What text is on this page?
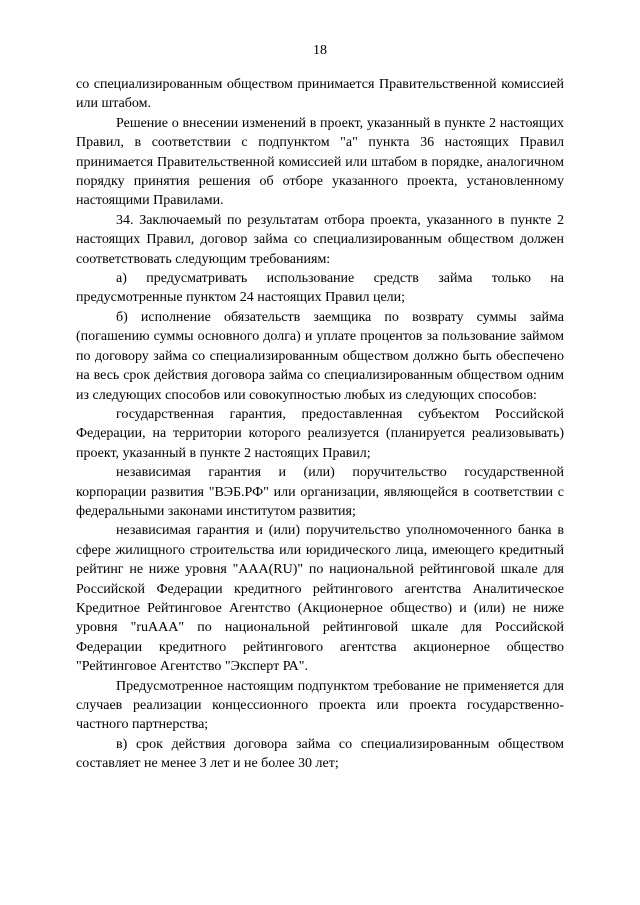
18

со специализированным обществом принимается Правительственной комиссией или штабом.

Решение о внесении изменений в проект, указанный в пункте 2 настоящих Правил, в соответствии с подпунктом "а" пункта 36 настоящих Правил принимается Правительственной комиссией или штабом в порядке, аналогичном порядку принятия решения об отборе указанного проекта, установленному настоящими Правилами.

34. Заключаемый по результатам отбора проекта, указанного в пункте 2 настоящих Правил, договор займа со специализированным обществом должен соответствовать следующим требованиям:

а) предусматривать использование средств займа только на предусмотренные пунктом 24 настоящих Правил цели;

б) исполнение обязательств заемщика по возврату суммы займа (погашению суммы основного долга) и уплате процентов за пользование займом по договору займа со специализированным обществом должно быть обеспечено на весь срок действия договора займа со специализированным обществом одним из следующих способов или совокупностью любых из следующих способов:

государственная гарантия, предоставленная субъектом Российской Федерации, на территории которого реализуется (планируется реализовывать) проект, указанный в пункте 2 настоящих Правил;

независимая гарантия и (или) поручительство государственной корпорации развития "ВЭБ.РФ" или организации, являющейся в соответствии с федеральными законами институтом развития;

независимая гарантия и (или) поручительство уполномоченного банка в сфере жилищного строительства или юридического лица, имеющего кредитный рейтинг не ниже уровня "AAA(RU)" по национальной рейтинговой шкале для Российской Федерации кредитного рейтингового агентства Аналитическое Кредитное Рейтинговое Агентство (Акционерное общество) и (или) не ниже уровня "ruAAA" по национальной рейтинговой шкале для Российской Федерации кредитного рейтингового агентства акционерное общество "Рейтинговое Агентство "Эксперт РА".

Предусмотренное настоящим подпунктом требование не применяется для случаев реализации концессионного проекта или проекта государственно-частного партнерства;

в) срок действия договора займа со специализированным обществом составляет не менее 3 лет и не более 30 лет;
